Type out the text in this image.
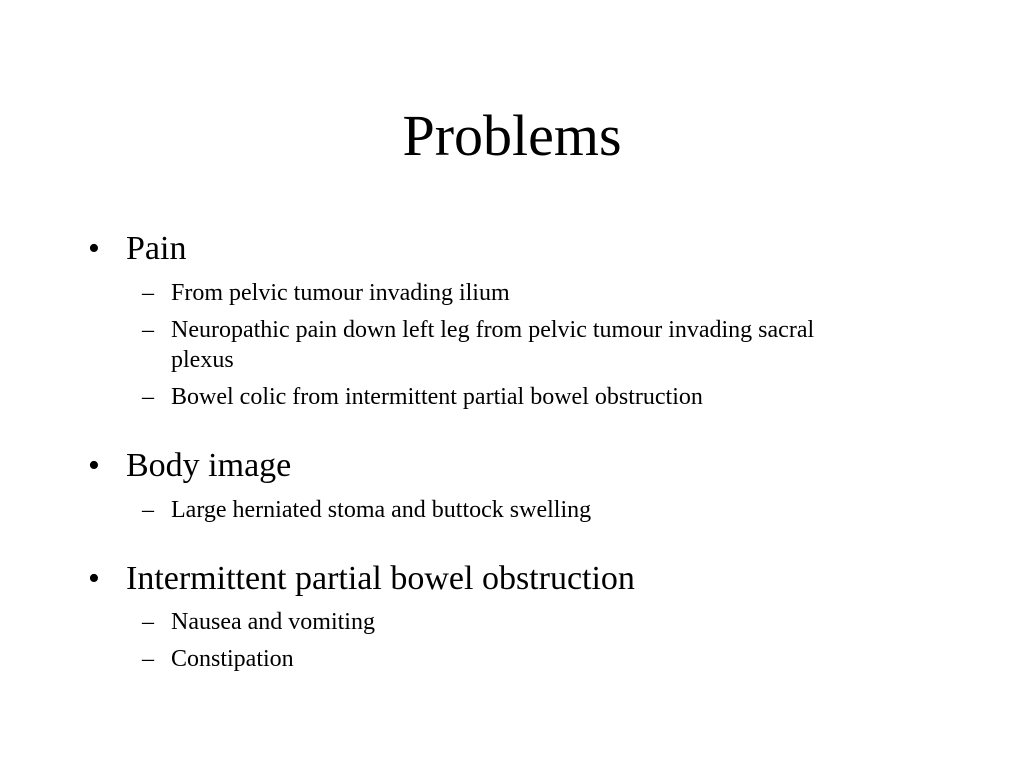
Problems
• Pain
– From pelvic tumour invading ilium
– Neuropathic pain down left leg from pelvic tumour invading sacral
plexus
– Bowel colic from intermittent partial bowel obstruction
• Body image
– Large herniated stoma and buttock swelling
• Intermittent partial bowel obstruction
– Nausea and vomiting
– Constipation
